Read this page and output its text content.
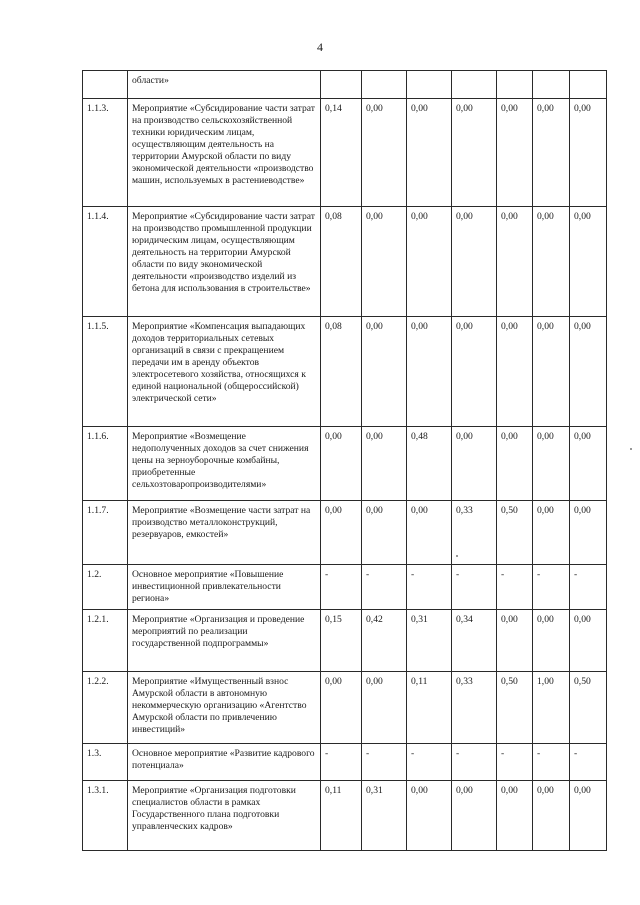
4
	области»							
1.1.3.	Мероприятие «Субсидирование части затрат на производство сельскохозяйственной техники юридическим лицам, осуществляющим деятельность на территории Амурской области по виду экономической деятельности «производство машин, используемых в растениеводстве»	0,14	0,00	0,00	0,00	0,00	0,00	0,00
1.1.4.	Мероприятие «Субсидирование части затрат на производство промышленной продукции юридическим лицам, осуществляющим деятельность на территории Амурской области по виду экономической деятельности «производство изделий из бетона для использования в строительстве»	0,08	0,00	0,00	0,00	0,00	0,00	0,00
1.1.5.	Мероприятие «Компенсация выпадающих доходов территориальных сетевых организаций в связи с прекращением передачи им в аренду объектов электросетевого хозяйства, относящихся к единой национальной (общероссийской) электрической сети»	0,08	0,00	0,00	0,00	0,00	0,00	0,00
1.1.6.	Мероприятие «Возмещение недополученных доходов за счет снижения цены на зерноуборочные комбайны, приобретенные сельхозтоваропроизводителями»	0,00	0,00	0,48	0,00	0,00	0,00	0,00
1.1.7.	Мероприятие «Возмещение части затрат на производство металлоконструкций, резервуаров, емкостей»	0,00	0,00	0,00	0,33	0,50	0,00	0,00
1.2.	Основное мероприятие «Повышение инвестиционной привлекательности региона»	-	-	-	-	-	-	-
1.2.1.	Мероприятие «Организация и проведение мероприятий по реализации государственной подпрограммы»	0,15	0,42	0,31	0,34	0,00	0,00	0,00
1.2.2.	Мероприятие «Имущественный взнос Амурской области в автономную некоммерческую организацию «Агентство Амурской области по привлечению инвестиций»	0,00	0,00	0,11	0,33	0,50	1,00	0,50
1.3.	Основное мероприятие «Развитие кадрового потенциала»	-	-	-	-	-	-	-
1.3.1.	Мероприятие «Организация подготовки специалистов области в рамках Государственного плана подготовки управленческих кадров»	0,11	0,31	0,00	0,00	0,00	0,00	0,00
